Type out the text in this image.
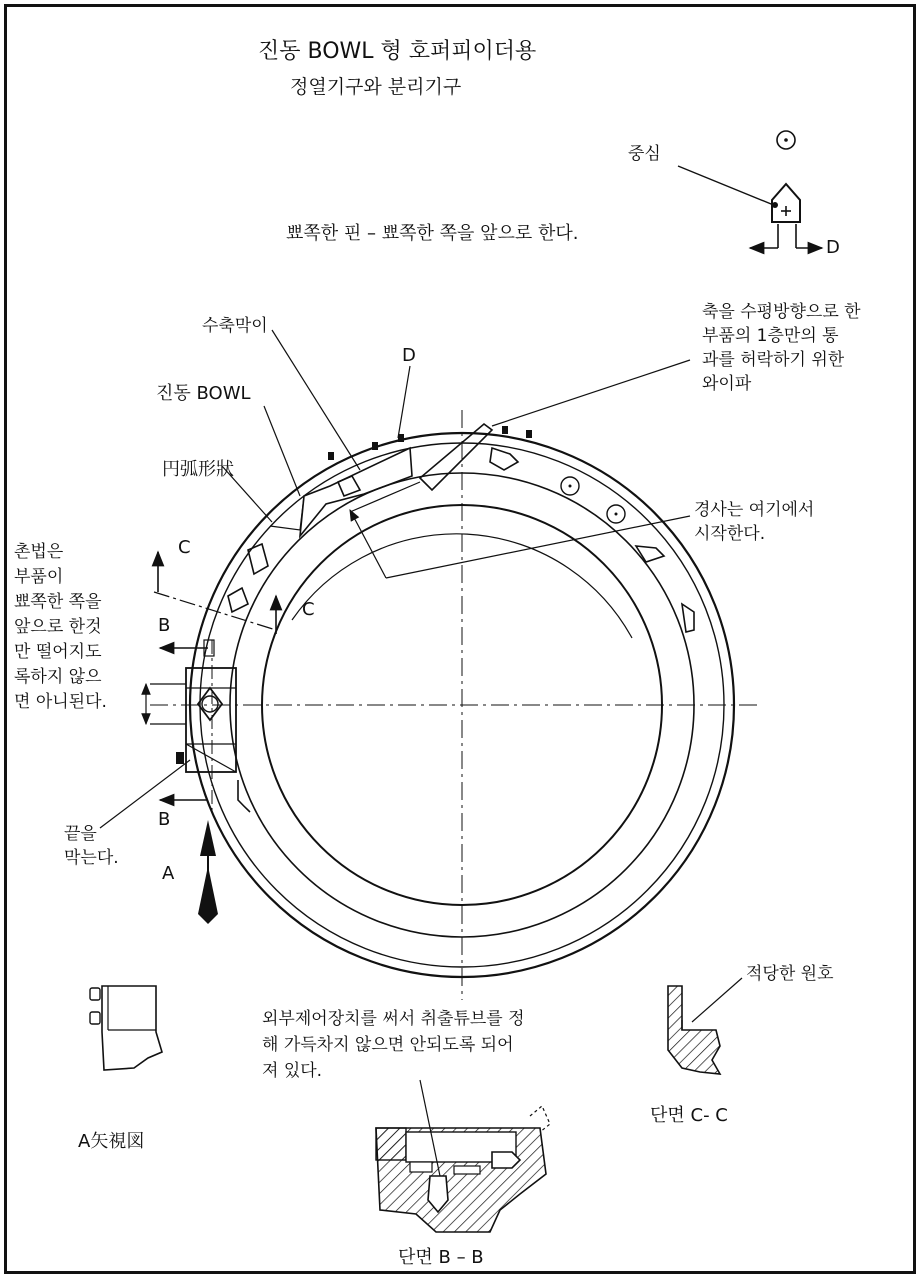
진동 BOWL 형 호퍼피이더용
정열기구와 분리기구
중심
뾰쪽한 핀 – 뾰쪽한 쪽을 앞으로 한다.
D
축을 수평방향으로 한
부품의 1층만의 통
과를 허락하기 위한
와이파
수축막이
D
진동 BOWL
円弧形狀
경사는 여기에서
시작한다.
C
C
촌법은
부품이
뾰쪽한 쪽을
앞으로 한것
만 떨어지도
록하지 않으
면 아니된다.
B
B
끝을
막는다.
A
A矢視図
외부제어장치를 써서 취출튜브를 정
해 가득차지 않으면 안되도록 되어
져 있다.
적당한 원호
단면 C- C
단면 B – B
